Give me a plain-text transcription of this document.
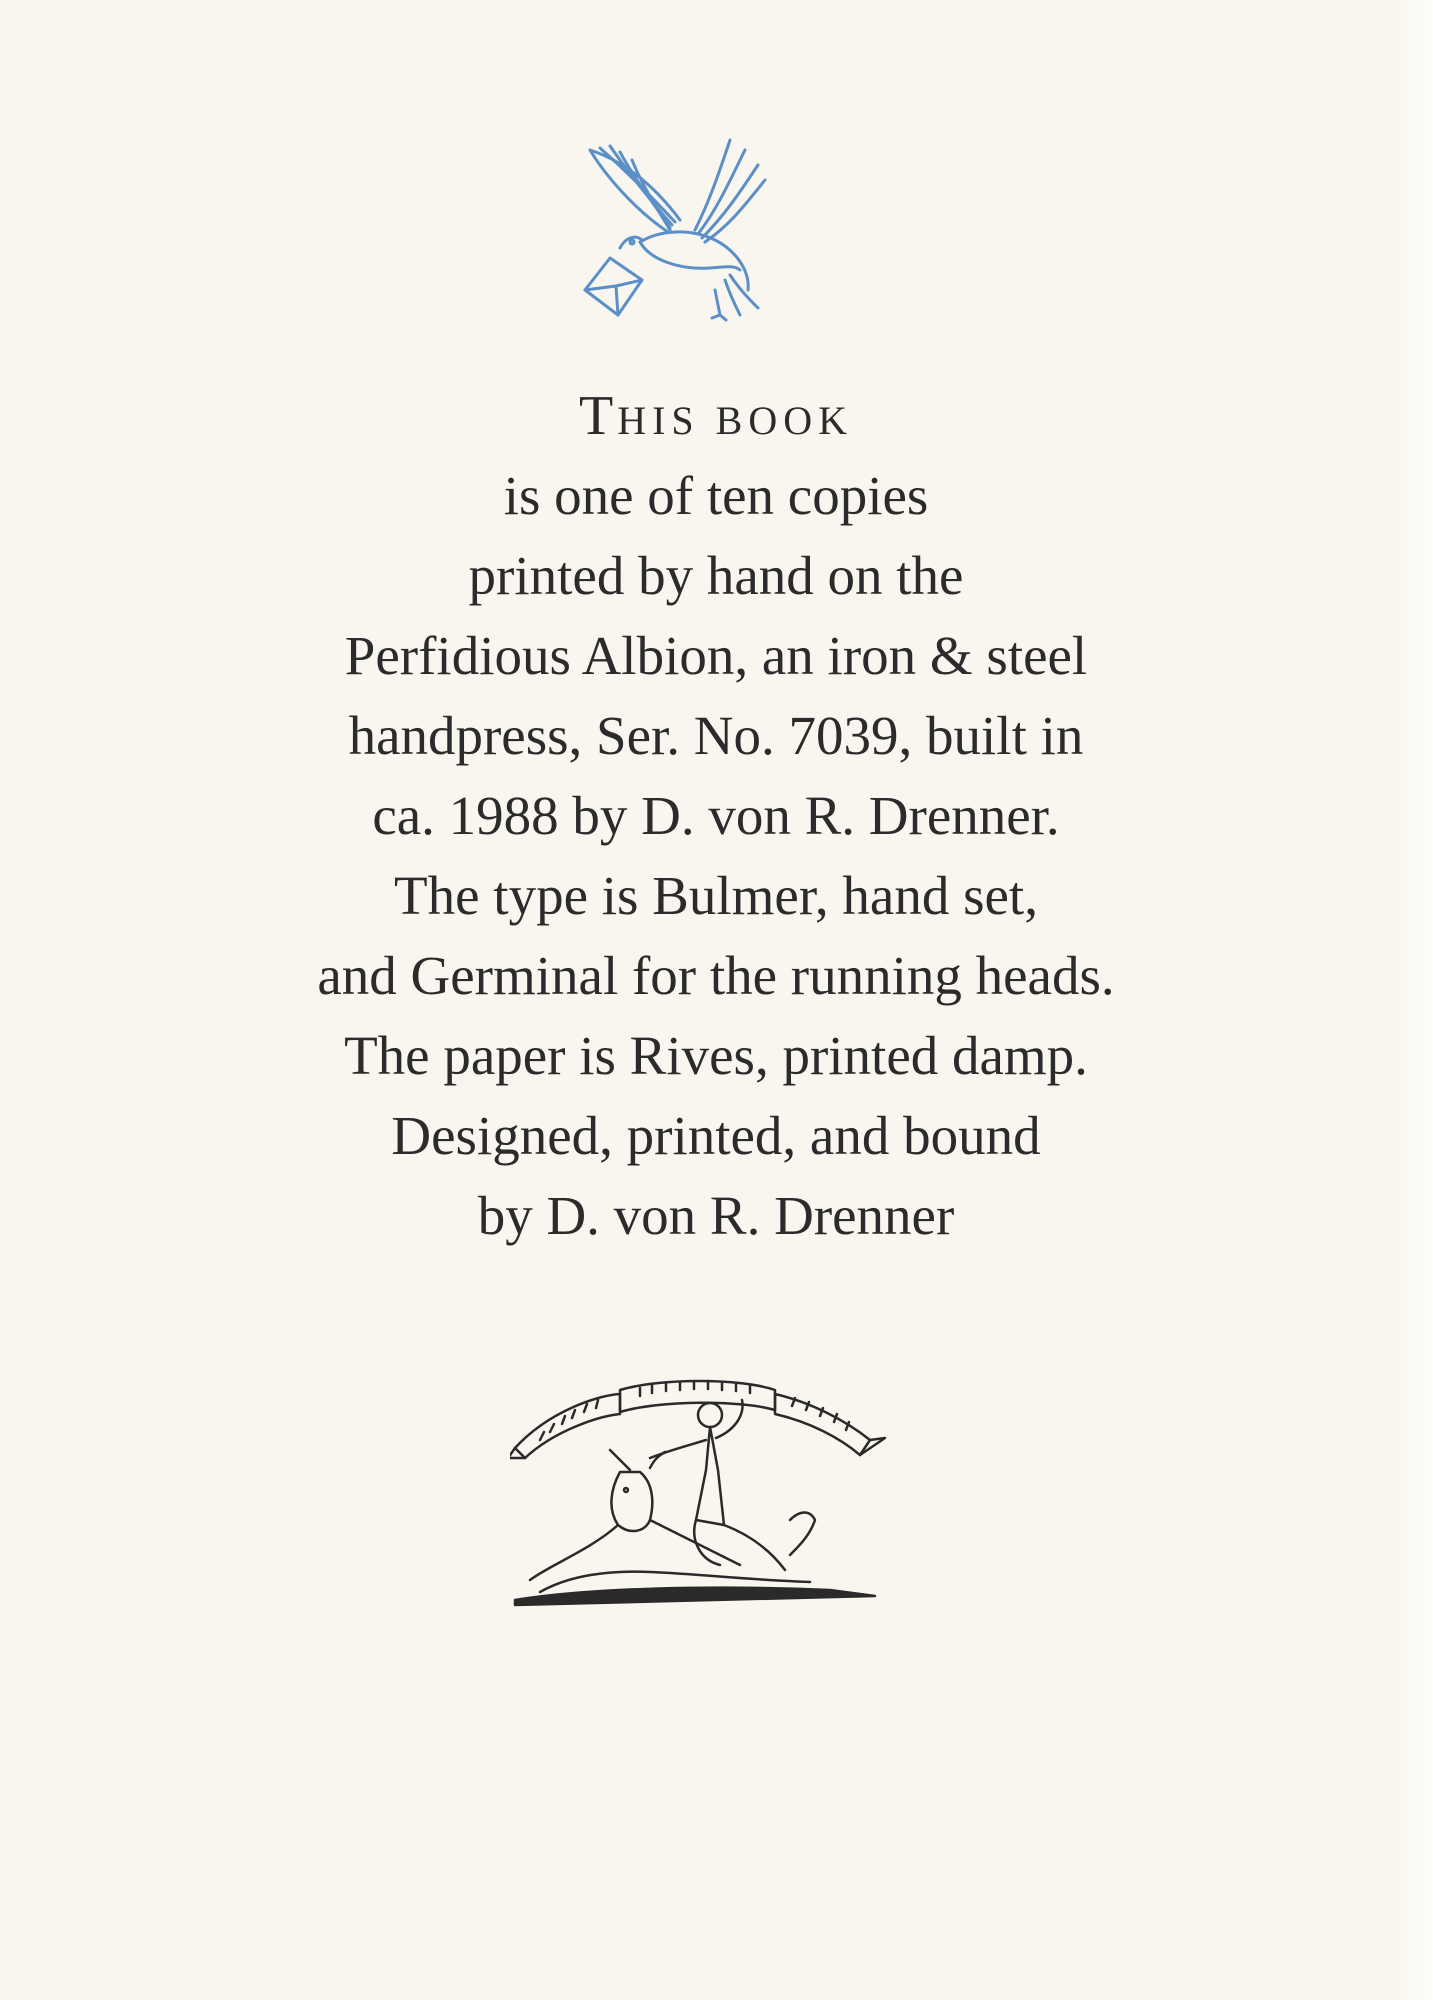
THIS BOOK
is one of ten copies
printed by hand on the
Perfidious Albion, an iron & steel
handpress, Ser. No. 7039, built in
ca. 1988 by D. von R. Drenner.
The type is Bulmer, hand set,
and Germinal for the running heads.
The paper is Rives, printed damp.
Designed, printed, and bound
by D. von R. Drenner
